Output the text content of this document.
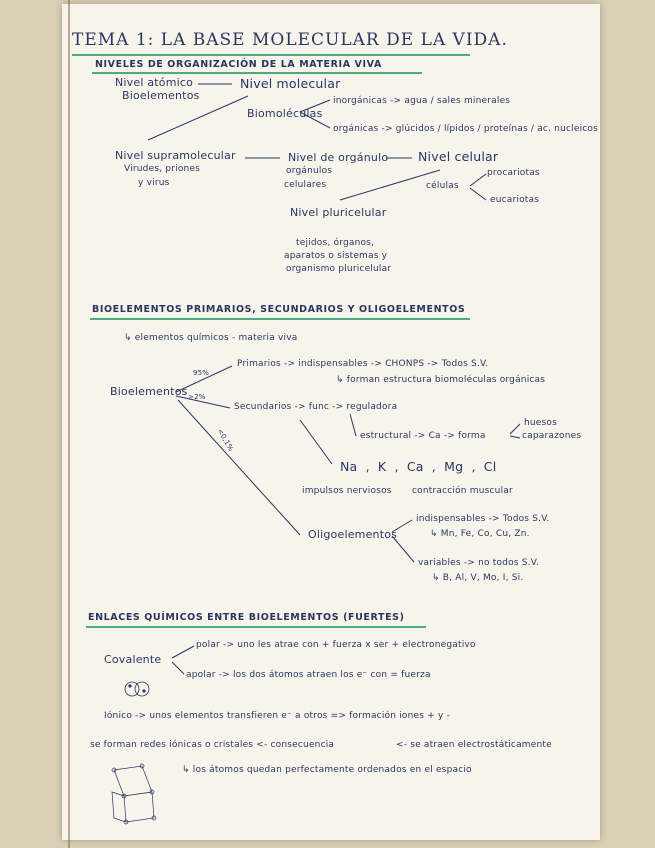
TEMA 1: LA BASE MOLECULAR DE LA VIDA.
NIVELES DE ORGANIZACIÓN DE LA MATERIA VIVA
Nivel atómico
Bioelementos
Nivel molecular
Biomoléculas
inorgánicas -> agua / sales minerales
orgánicas -> glúcidos / lípidos / proteínas / ac. nucleicos
Nivel supramolecular
Virudes, priones
y virus
Nivel de orgánulo
orgánulos
celulares
Nivel celular
células
procariotas
eucariotas
Nivel pluricelular
tejidos, órganos,
aparatos o sistemas y
organismo pluricelular
BIOELEMENTOS PRIMARIOS, SECUNDARIOS Y OLIGOELEMENTOS
↳ elementos químicos - materia viva
Bioelementos
95%
>2%
<0,1%
Primarios -> indispensables -> CHONPS -> Todos S.V.
↳ forman estructura biomoléculas orgánicas
Secundarios -> func -> reguladora
estructural -> Ca -> forma
huesos
caparazones
Na , K , Ca , Mg , Cl
impulsos nerviosos contracción muscular
Oligoelementos
indispensables -> Todos S.V.
↳ Mn, Fe, Co, Cu, Zn.
variables -> no todos S.V.
↳ B, Al, V, Mo, I, Si.
ENLACES QUÍMICOS ENTRE BIOELEMENTOS (FUERTES)
Covalente
polar -> uno les atrae con + fuerza x ser + electronegativo
apolar -> los dos átomos atraen los e⁻ con = fuerza
Iónico -> unos elementos transfieren e⁻ a otros => formación iones + y -
se forman redes iónicas o cristales <- consecuencia	<- se atraen electrostáticamente
↳ los átomos quedan perfectamente ordenados en el espacio
